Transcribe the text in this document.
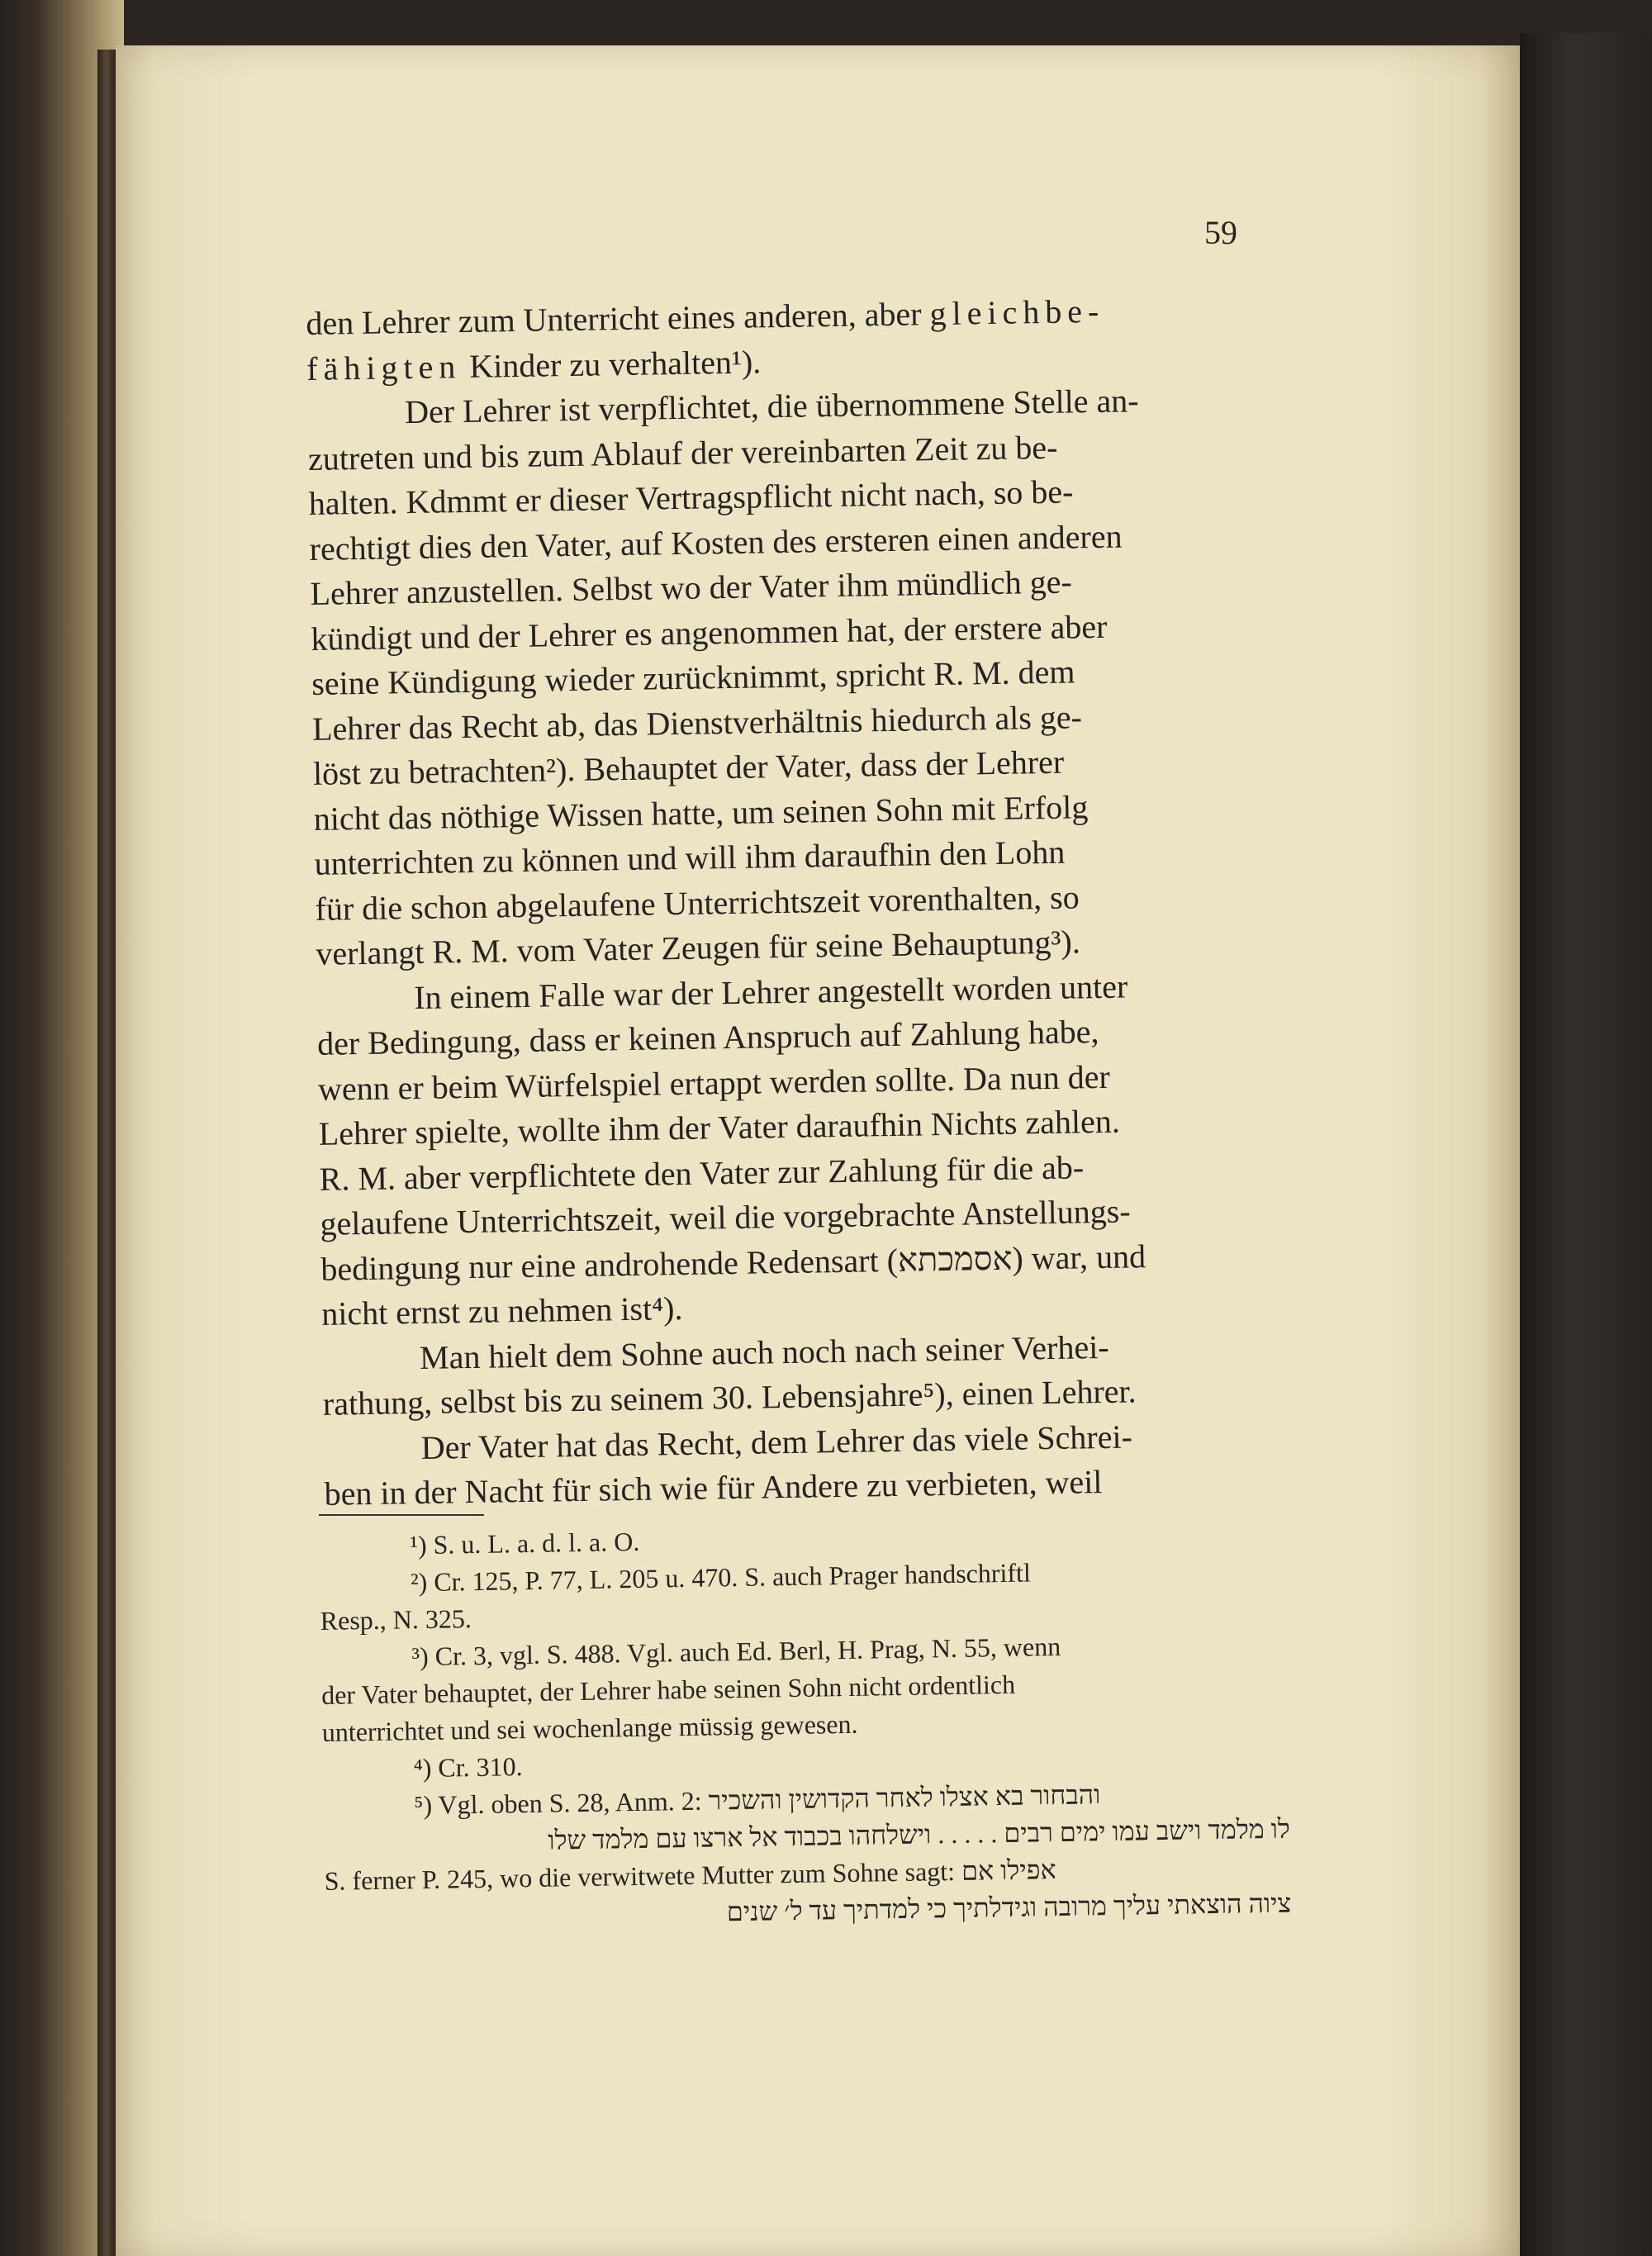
59
den Lehrer zum Unterricht eines anderen, aber gleichbe-
fähigten Kinder zu verhalten¹).
Der Lehrer ist verpflichtet, die übernommene Stelle an-
zutreten und bis zum Ablauf der vereinbarten Zeit zu be-
halten. Kdmmt er dieser Vertragspflicht nicht nach, so be-
rechtigt dies den Vater, auf Kosten des ersteren einen anderen
Lehrer anzustellen. Selbst wo der Vater ihm mündlich ge-
kündigt und der Lehrer es angenommen hat, der erstere aber
seine Kündigung wieder zurücknimmt, spricht R. M. dem
Lehrer das Recht ab, das Dienstverhältnis hiedurch als ge-
löst zu betrachten²). Behauptet der Vater, dass der Lehrer
nicht das nöthige Wissen hatte, um seinen Sohn mit Erfolg
unterrichten zu können und will ihm daraufhin den Lohn
für die schon abgelaufene Unterrichtszeit vorenthalten, so
verlangt R. M. vom Vater Zeugen für seine Behauptung³).
In einem Falle war der Lehrer angestellt worden unter
der Bedingung, dass er keinen Anspruch auf Zahlung habe,
wenn er beim Würfelspiel ertappt werden sollte. Da nun der
Lehrer spielte, wollte ihm der Vater daraufhin Nichts zahlen.
R. M. aber verpflichtete den Vater zur Zahlung für die ab-
gelaufene Unterrichtszeit, weil die vorgebrachte Anstellungs-
bedingung nur eine androhende Redensart (אסמכתא) war, und
nicht ernst zu nehmen ist⁴).
Man hielt dem Sohne auch noch nach seiner Verhei-
rathung, selbst bis zu seinem 30. Lebensjahre⁵), einen Lehrer.
Der Vater hat das Recht, dem Lehrer das viele Schrei-
ben in der Nacht für sich wie für Andere zu verbieten, weil
¹) S. u. L. a. d. l. a. O.
²) Cr. 125, P. 77, L. 205 u. 470. S. auch Prager handschriftl
Resp., N. 325.
³) Cr. 3, vgl. S. 488. Vgl. auch Ed. Berl, H. Prag, N. 55, wenn
der Vater behauptet, der Lehrer habe seinen Sohn nicht ordentlich
unterrichtet und sei wochenlange müssig gewesen.
⁴) Cr. 310.
⁵) Vgl. oben S. 28, Anm. 2: והבחור בא אצלו לאחר הקדושין והשכיר
לו מלמד וישב עמו ימים רבים . . . . . וישלחהו בכבוד אל ארצו עם מלמד שלו
S. ferner P. 245, wo die verwitwete Mutter zum Sohne sagt: אפילו אם
ציוה הוצאתי עליך מרובה וגידלתיך כי למדתיך עד ל׳ שנים
